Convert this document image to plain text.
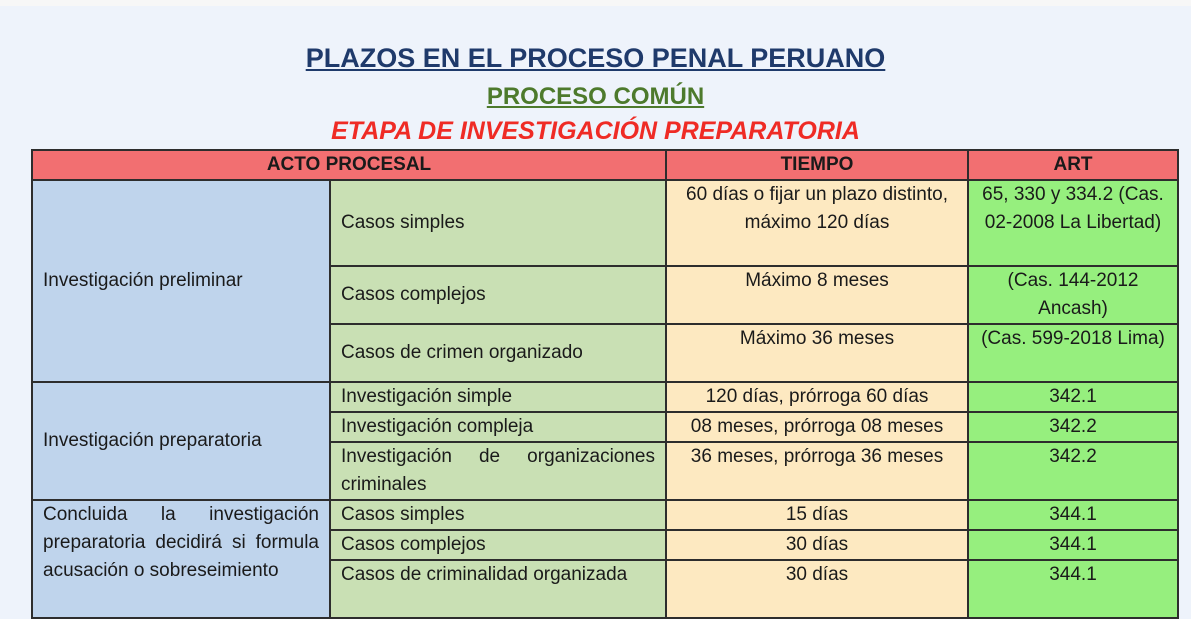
PLAZOS EN EL PROCESO PENAL PERUANO
PROCESO COMÚN
ETAPA DE INVESTIGACIÓN PREPARATORIA
ACTO PROCESAL		TIEMPO	ART
Investigación preliminar	Casos simples	60 días o fijar un plazo distinto, máximo 120 días	65, 330 y 334.2 (Cas. 02-2008 La Libertad)
	Casos complejos	Máximo 8 meses	(Cas. 144-2012 Ancash)
	Casos de crimen organizado	Máximo 36 meses	(Cas. 599-2018 Lima)
Investigación preparatoria	Investigación simple	120 días, prórroga 60 días	342.1
	Investigación compleja	08 meses, prórroga 08 meses	342.2
	Investigación de organizaciones criminales	36 meses, prórroga 36 meses	342.2
Concluida la investigación preparatoria decidirá si formula acusación o sobreseimiento	Casos simples	15 días	344.1
	Casos complejos	30 días	344.1
	Casos de criminalidad organizada	30 días	344.1
